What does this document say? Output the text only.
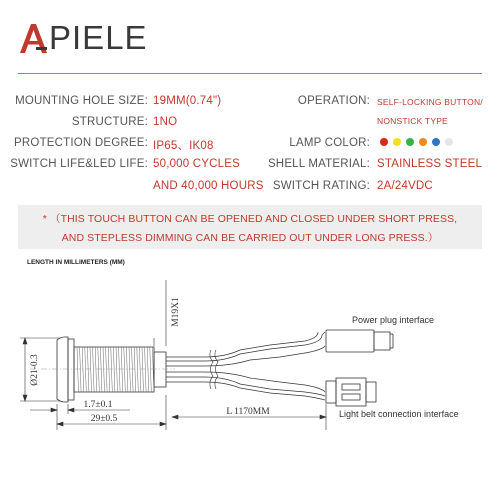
PIELE
MOUNTING HOLE SIZE: 19MM(0.74")
STRUCTURE: 1NO
PROTECTION DEGREE: IP65、IK08
SWITCH LIFE&LED LIFE: 50,000 CYCLES
AND 40,000 HOURS
OPERATION: SELF-LOCKING BUTTON/
NONSTICK TYPE
LAMP COLOR:
SHELL MATERIAL: STAINLESS STEEL
SWITCH RATING: 2A/24VDC
* （THIS TOUCH BUTTON CAN BE OPENED AND CLOSED UNDER SHORT PRESS,
AND STEPLESS DIMMING CAN BE CARRIED OUT UNDER LONG PRESS.）
LENGTH IN MILLIMETERS (MM)
Ø21-0.3
M19X1
1.7±0.1
29±0.5
L 1170MM
Power plug interface
Light belt connection interface
